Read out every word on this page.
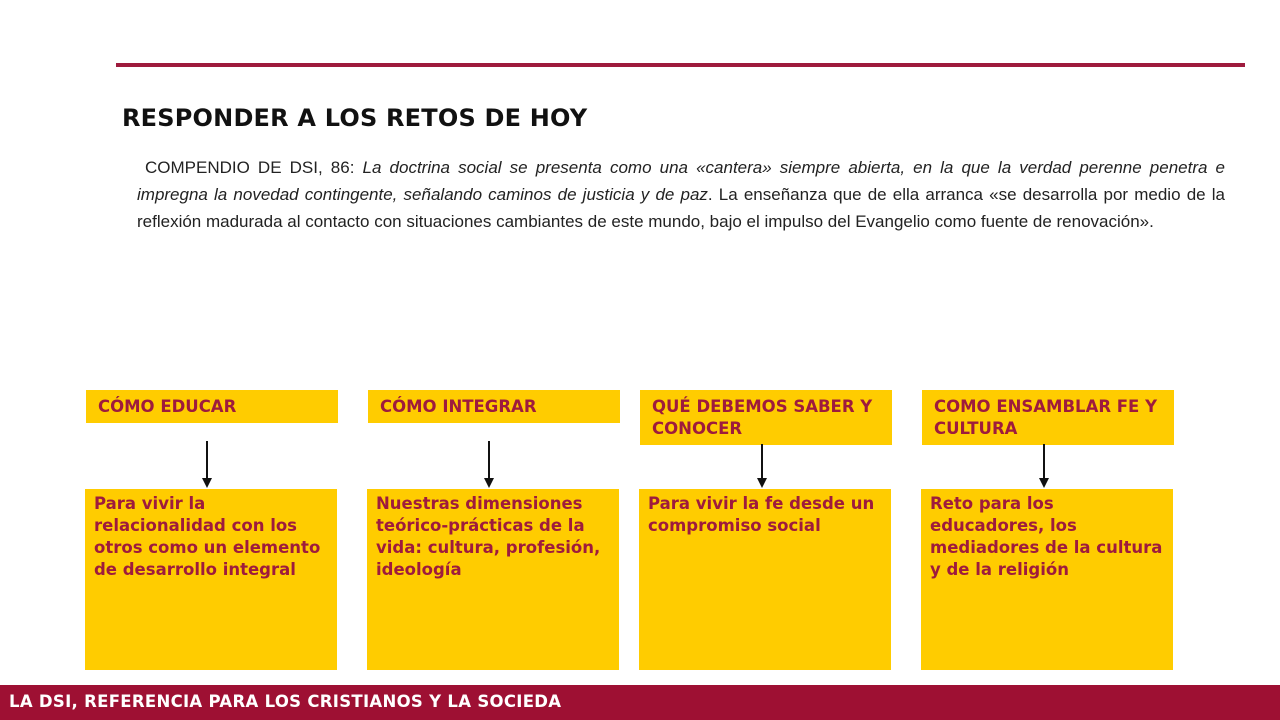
RESPONDER A LOS RETOS DE HOY

COMPENDIO DE DSI, 86: La doctrina social se presenta como una «cantera» siempre abierta, en la que la verdad perenne penetra e impregna la novedad contingente, señalando caminos de justicia y de paz. La enseñanza que de ella arranca «se desarrolla por medio de la reflexión madurada al contacto con situaciones cambiantes de este mundo, bajo el impulso del Evangelio como fuente de renovación».

CÓMO EDUCAR
Para vivir la relacionalidad con los otros como un elemento de desarrollo integral
CÓMO INTEGRAR
Nuestras dimensiones teórico-prácticas de la vida: cultura, profesión, ideología
QUÉ DEBEMOS SABER Y CONOCER
Para vivir la fe desde un compromiso social
COMO ENSAMBLAR FE Y CULTURA
Reto para los educadores, los mediadores de la cultura y de la religión
LA DSI, REFERENCIA PARA LOS CRISTIANOS Y LA SOCIEDA
